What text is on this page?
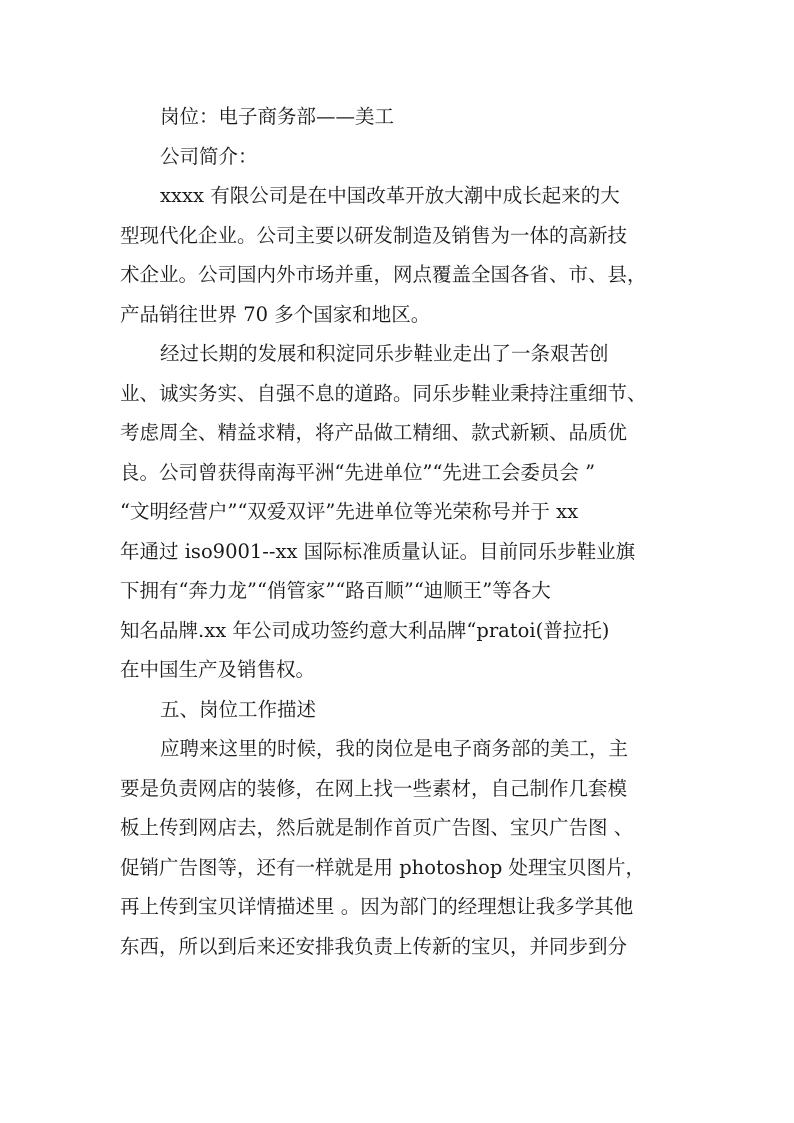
岗位：电子商务部——美工

公司简介：

xxxx 有限公司是在中国改革开放大潮中成长起来的大

型现代化企业。公司主要以研发制造及销售为一体的高新技

术企业。公司国内外市场并重，网点覆盖全国各省、市、县，

产品销往世界 70 多个国家和地区。

经过长期的发展和积淀同乐步鞋业走出了一条艰苦创

业、诚实务实、自强不息的道路。同乐步鞋业秉持注重细节、

考虑周全、精益求精，将产品做工精细、款式新颖、品质优

良。公司曾获得南海平洲“先进单位”“先进工会委员会 ”

“文明经营户”“双爱双评”先进单位等光荣称号并于 xx

年通过 iso9001--xx 国际标准质量认证。目前同乐步鞋业旗

下拥有“奔力龙”“俏管家”“路百顺”“迪顺王”等各大

知名品牌.xx 年公司成功签约意大利品牌“pratoi(普拉托)

在中国生产及销售权。

五、岗位工作描述

应聘来这里的时候，我的岗位是电子商务部的美工，主

要是负责网店的装修，在网上找一些素材，自己制作几套模

板上传到网店去，然后就是制作首页广告图、宝贝广告图 、

促销广告图等，还有一样就是用 photoshop 处理宝贝图片，

再上传到宝贝详情描述里 。因为部门的经理想让我多学其他

东西，所以到后来还安排我负责上传新的宝贝，并同步到分
